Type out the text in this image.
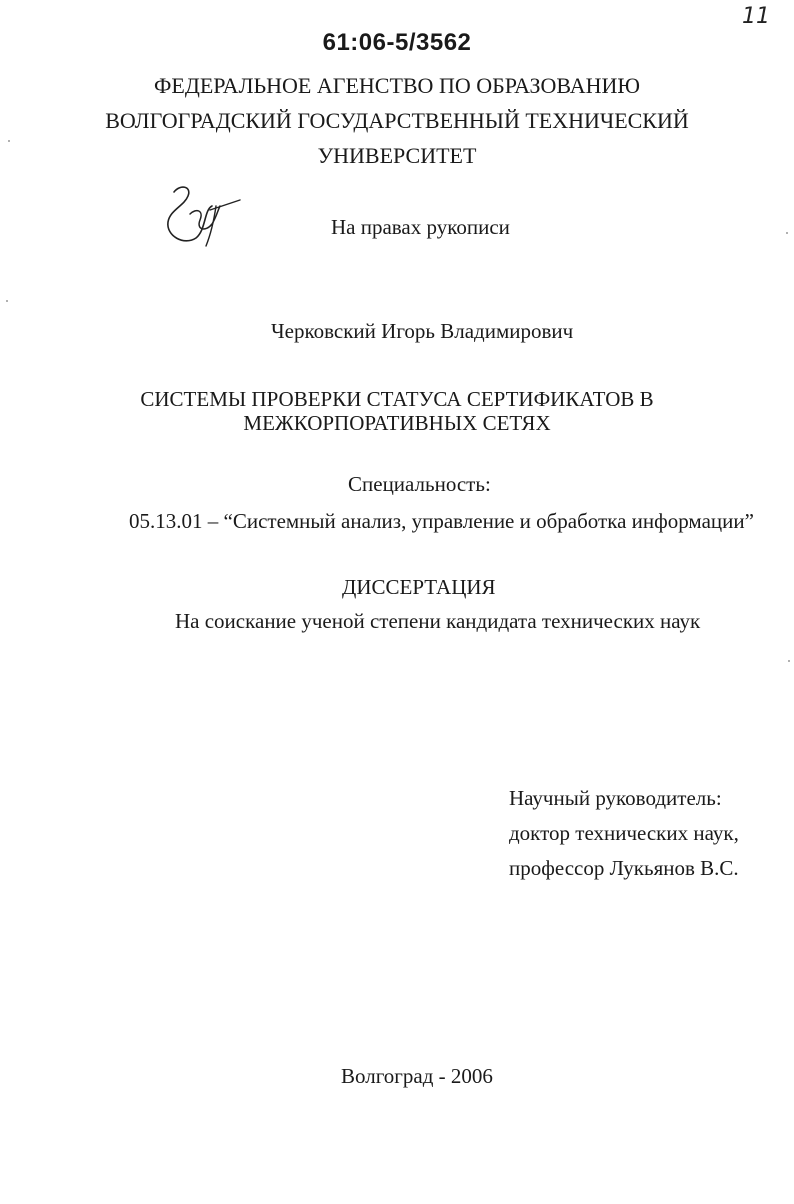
61:06-5/3562
11
ФЕДЕРАЛЬНОЕ АГЕНСТВО ПО ОБРАЗОВАНИЮ
ВОЛГОГРАДСКИЙ ГОСУДАРСТВЕННЫЙ ТЕХНИЧЕСКИЙ
УНИВЕРСИТЕТ
На правах рукописи
Черковский Игорь Владимирович
СИСТЕМЫ ПРОВЕРКИ СТАТУСА СЕРТИФИКАТОВ В
МЕЖКОРПОРАТИВНЫХ СЕТЯХ
Специальность:
05.13.01 – “Системный анализ, управление и обработка информации”
ДИССЕРТАЦИЯ
На соискание ученой степени кандидата технических наук
Научный руководитель:
доктор технических наук,
профессор Лукьянов В.С.
Волгоград - 2006
